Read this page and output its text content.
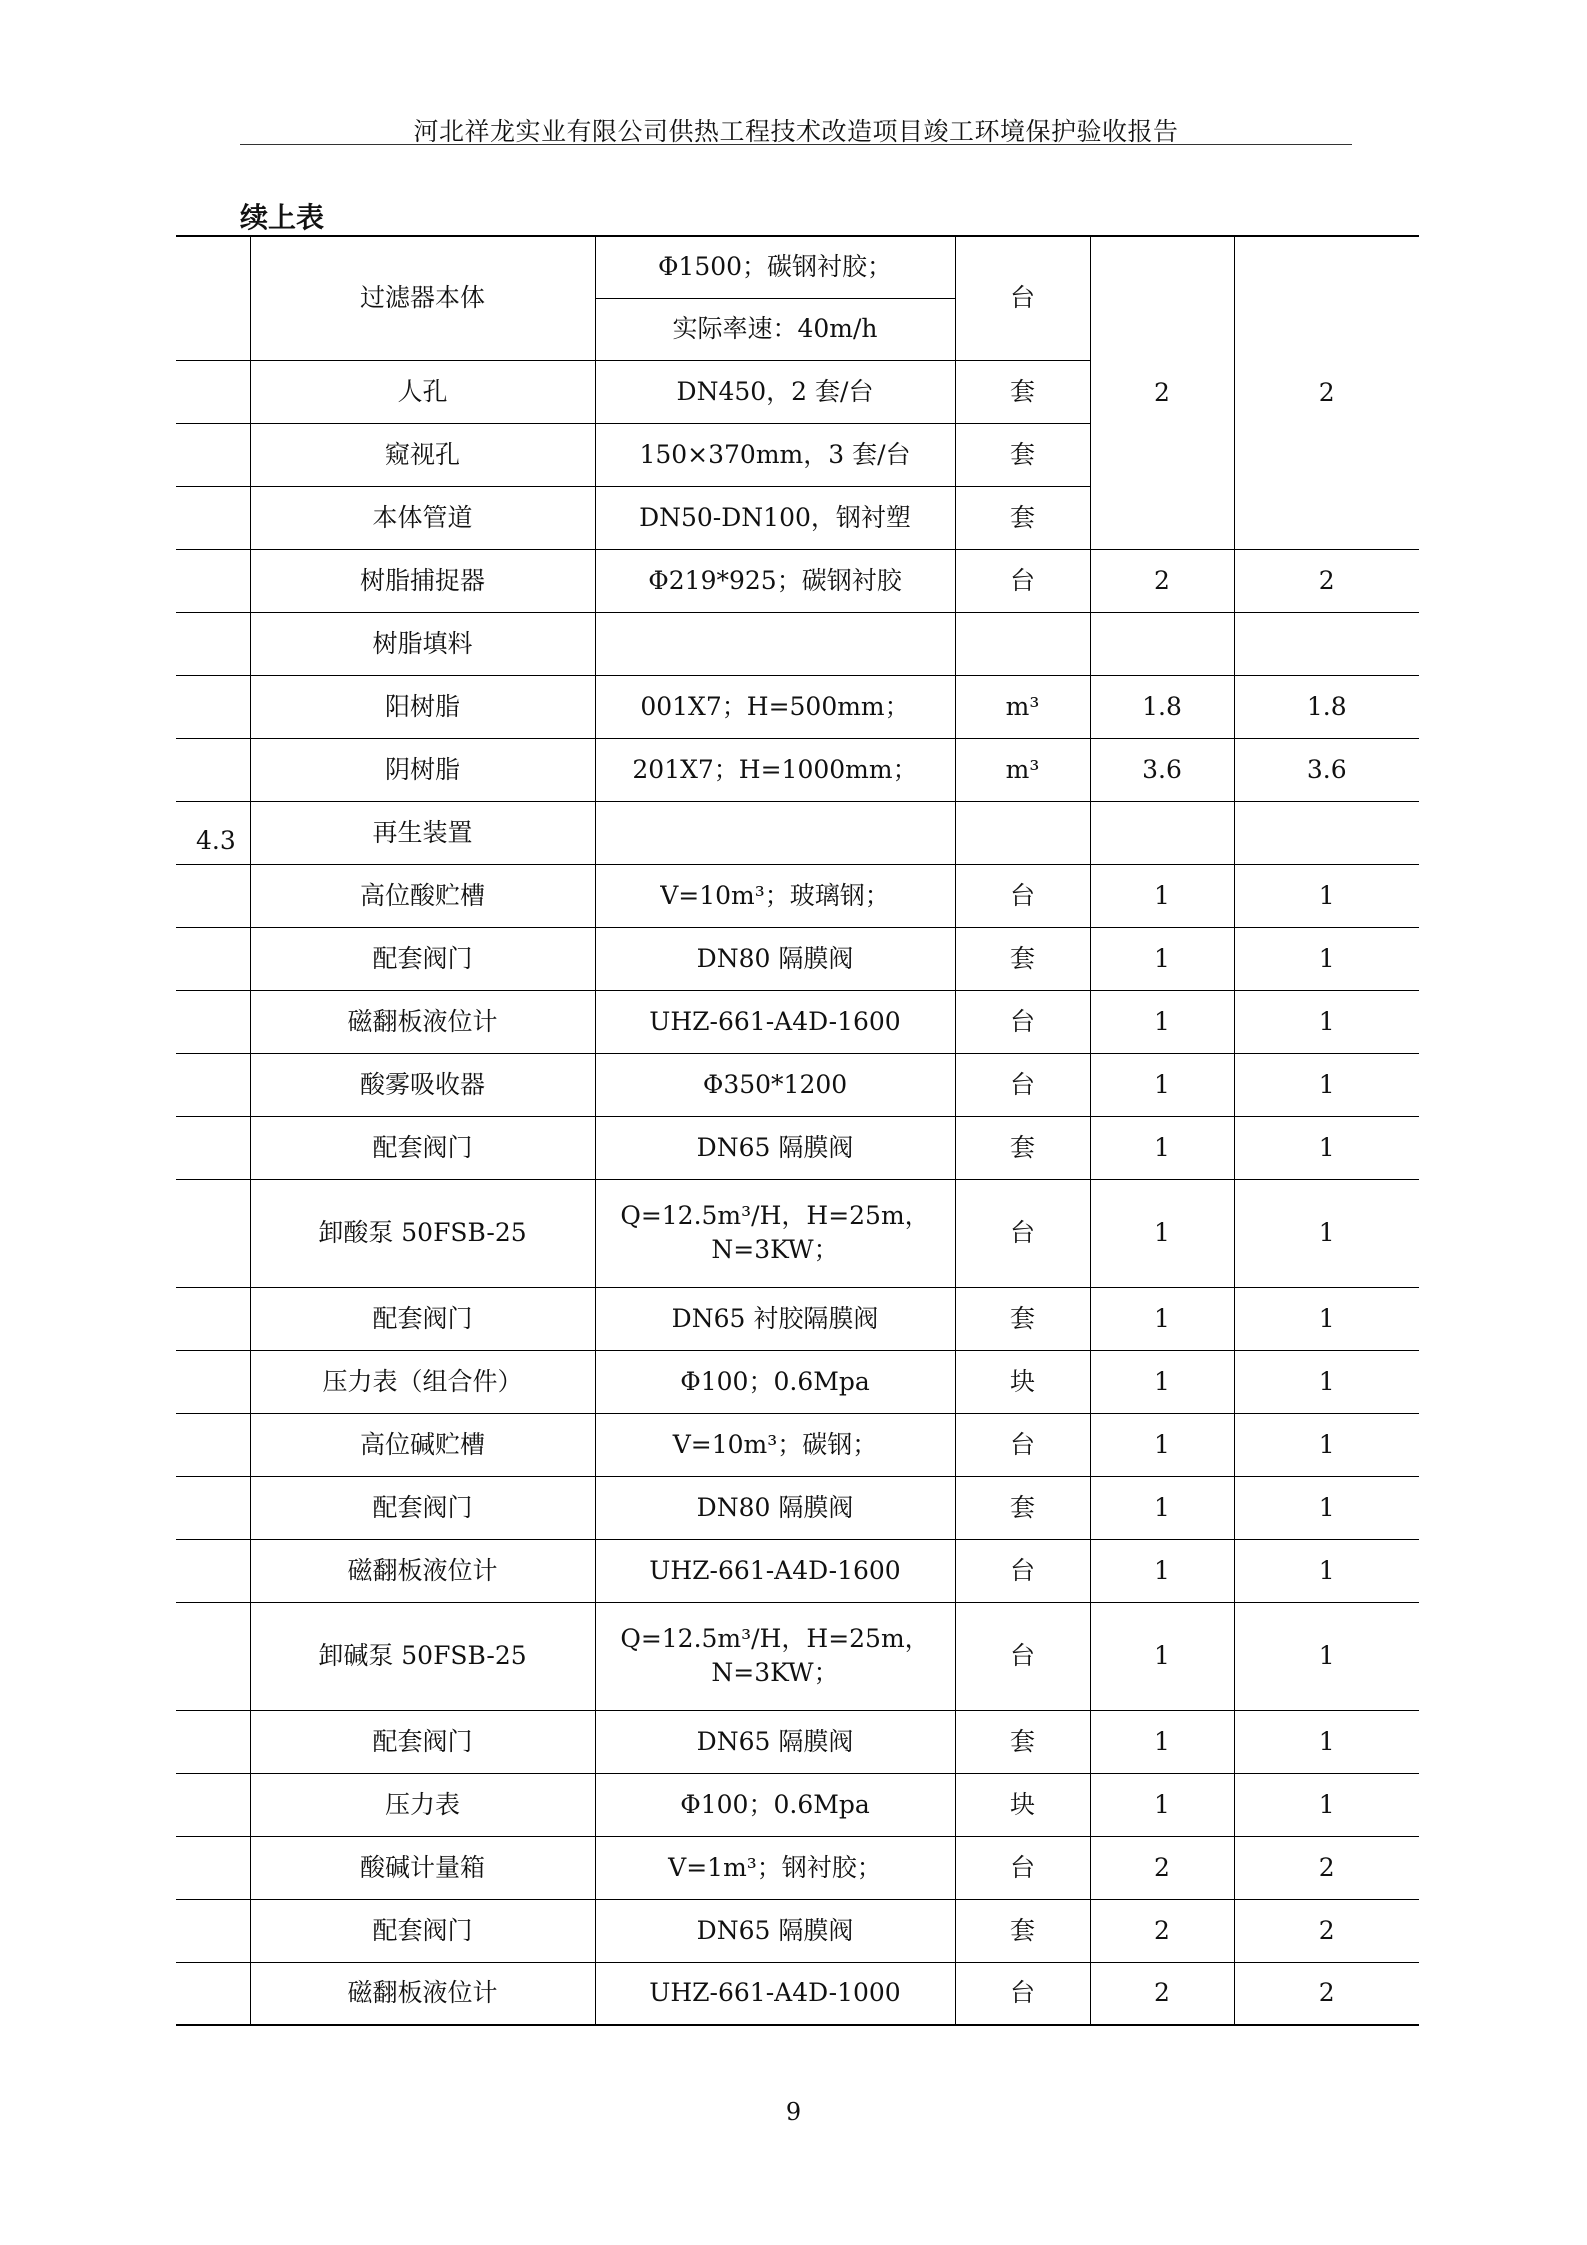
河北祥龙实业有限公司供热工程技术改造项目竣工环境保护验收报告
续上表
	过滤器本体	Φ1500；碳钢衬胶；	台	2	2
		实际率速：40m/h			
	人孔	DN450，2 套/台	套		
	窥视孔	150×370mm，3 套/台	套		
	本体管道	DN50-DN100，钢衬塑	套		
	树脂捕捉器	Φ219*925；碳钢衬胶	台	2	2
	树脂填料				
	阳树脂	001X7；H=500mm；	m³	1.8	1.8
	阴树脂	201X7；H=1000mm；	m³	3.6	3.6
4.3	再生装置				
	高位酸贮槽	V=10m³；玻璃钢；	台	1	1
	配套阀门	DN80 隔膜阀	套	1	1
	磁翻板液位计	UHZ-661-A4D-1600	台	1	1
	酸雾吸收器	Φ350*1200	台	1	1
	配套阀门	DN65 隔膜阀	套	1	1
	卸酸泵 50FSB-25	Q=12.5m³/H，H=25m，
N=3KW；	台	1	1
	配套阀门	DN65 衬胶隔膜阀	套	1	1
	压力表（组合件）	Φ100；0.6Mpa	块	1	1
	高位碱贮槽	V=10m³；碳钢；	台	1	1
	配套阀门	DN80 隔膜阀	套	1	1
	磁翻板液位计	UHZ-661-A4D-1600	台	1	1
	卸碱泵 50FSB-25	Q=12.5m³/H，H=25m，
N=3KW；	台	1	1
	配套阀门	DN65 隔膜阀	套	1	1
	压力表	Φ100；0.6Mpa	块	1	1
	酸碱计量箱	V=1m³；钢衬胶；	台	2	2
	配套阀门	DN65 隔膜阀	套	2	2
	磁翻板液位计	UHZ-661-A4D-1000	台	2	2
9
